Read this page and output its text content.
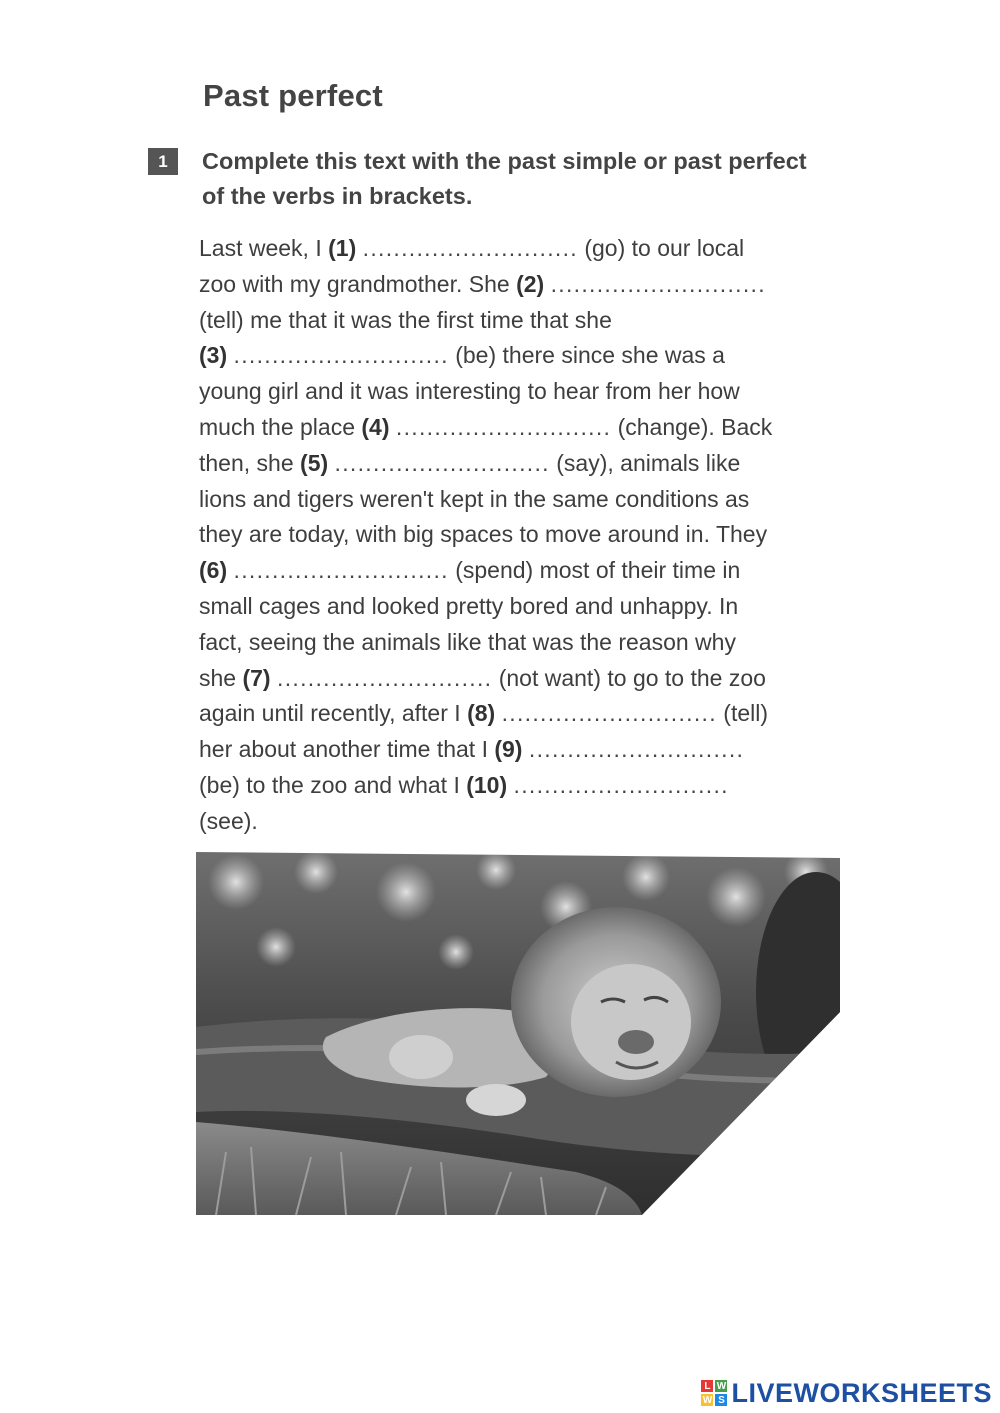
Past perfect
1	Complete this text with the past simple or past perfect of the verbs in brackets.
Last week, I (1) ............................ (go) to our local
zoo with my grandmother. She (2) ............................
(tell) me that it was the first time that she
(3) ............................ (be) there since she was a
young girl and it was interesting to hear from her how
much the place (4) ............................ (change). Back
then, she (5) ............................ (say), animals like
lions and tigers weren't kept in the same conditions as
they are today, with big spaces to move around in. They
(6) ............................ (spend) most of their time in
small cages and looked pretty bored and unhappy. In
fact, seeing the animals like that was the reason why
she (7) ............................ (not want) to go to the zoo
again until recently, after I (8) ............................ (tell)
her about another time that I (9) ............................
(be) to the zoo and what I (10) ............................
(see).
L W
W S LIVEWORKSHEETS
